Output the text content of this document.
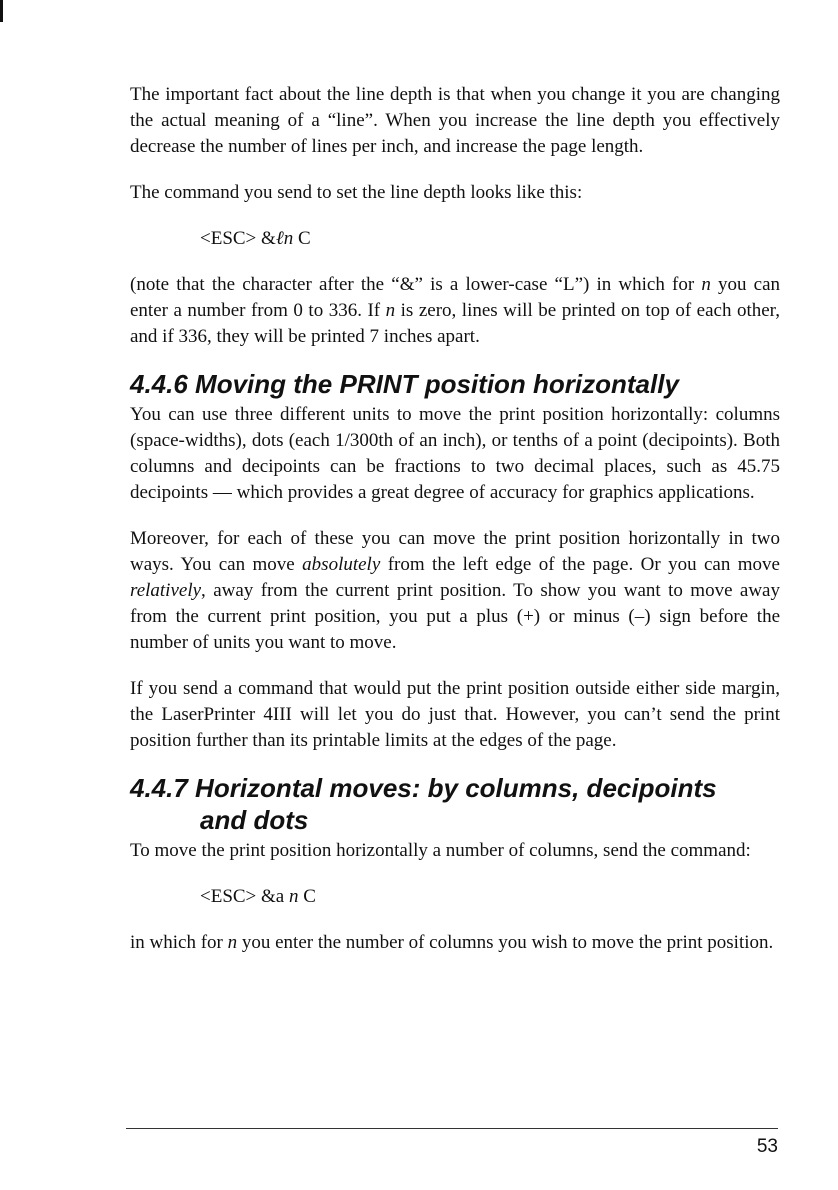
The important fact about the line depth is that when you change it you are changing the actual meaning of a “line”. When you increase the line depth you effectively decrease the number of lines per inch, and increase the page length.

The command you send to set the line depth looks like this:

<ESC> &ℓn C

(note that the character after the “&” is a lower-case “L”) in which for n you can enter a number from 0 to 336. If n is zero, lines will be printed on top of each other, and if 336, they will be printed 7 inches apart.

4.4.6 Moving the PRINT position horizontally

You can use three different units to move the print position horizontally: columns (space-widths), dots (each 1/300th of an inch), or tenths of a point (decipoints). Both columns and decipoints can be fractions to two decimal places, such as 45.75 decipoints — which provides a great degree of accuracy for graphics applications.

Moreover, for each of these you can move the print position horizontally in two ways. You can move absolutely from the left edge of the page. Or you can move relatively, away from the current print position. To show you want to move away from the current print position, you put a plus (+) or minus (–) sign before the number of units you want to move.

If you send a command that would put the print position outside either side margin, the LaserPrinter 4III will let you do just that. However, you can’t send the print position further than its printable limits at the edges of the page.

4.4.7 Horizontal moves: by columns, decipoints
and dots

To move the print position horizontally a number of columns, send the command:

<ESC> &a n C

in which for n you enter the number of columns you wish to move the print position.

53
